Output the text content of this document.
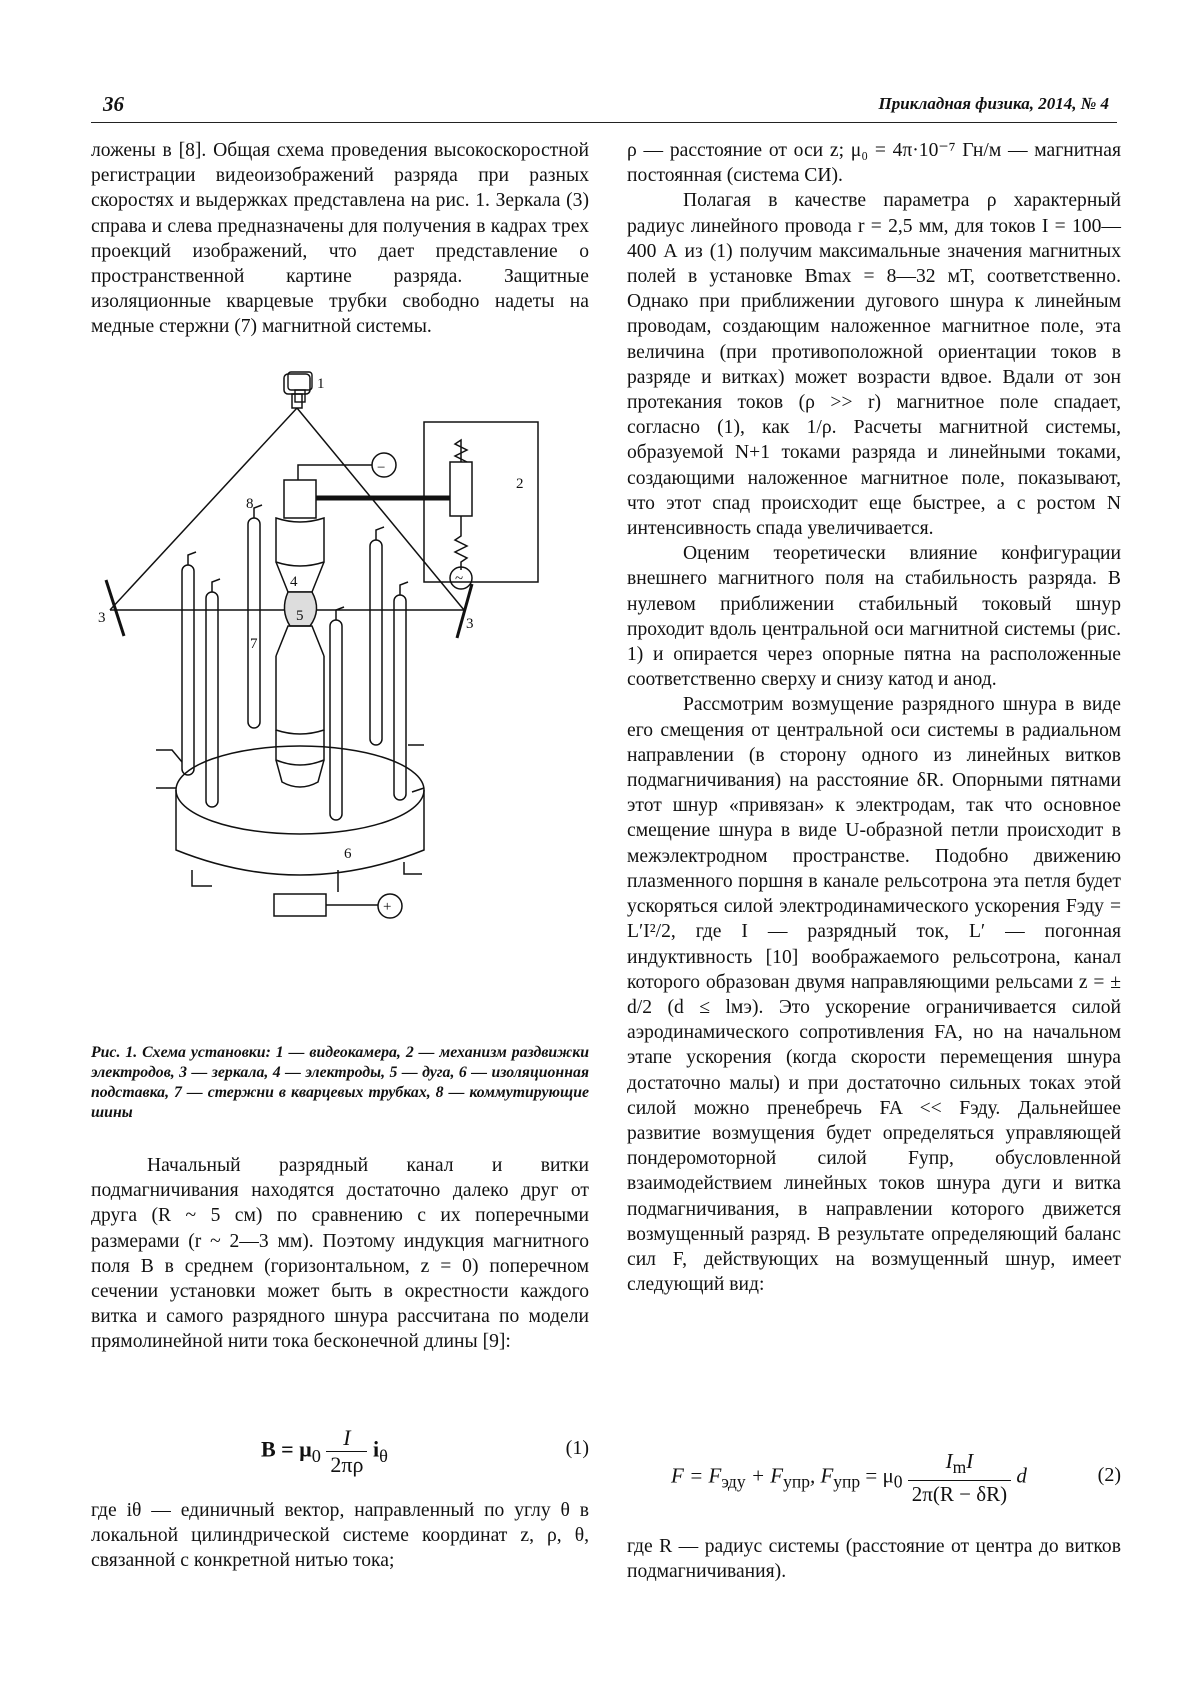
36	Прикладная физика, 2014, № 4

ложены в [8]. Общая схема проведения высокоскоростной регистрации видеоизображений разряда при разных скоростях и выдержках представлена на рис. 1. Зеркала (3) справа и слева предназначены для получения в кадрах трех проекций изображений, что дает представление о пространственной картине разряда. Защитные изоляционные кварцевые трубки свободно надеты на медные стержни (7) магнитной системы.

1
2
3	3
4
5
6
7
8
−
+
~
Рис. 1. Схема установки: 1 — видеокамера, 2 — механизм раздвижки электродов, 3 — зеркала, 4 — электроды, 5 — дуга, 6 — изоляционная подставка, 7 — стержни в кварцевых трубках, 8 — коммутирующие шины

Начальный разрядный канал и витки подмагничивания находятся достаточно далеко друг от друга (R ~ 5 см) по сравнению с их поперечными размерами (r ~ 2—3 мм). Поэтому индукция магнитного поля B в среднем (горизонтальном, z = 0) поперечном сечении установки может быть в окрестности каждого витка и самого разрядного шнура рассчитана по модели прямолинейной нити тока бесконечной длины [9]:

$B = \mu_0 \frac{I}{2\pi\rho} i_\theta$	(1)

где iθ — единичный вектор, направленный по углу θ в локальной цилиндрической системе координат z, ρ, θ, связанной с конкретной нитью тока;

ρ — расстояние от оси z; μ₀ = 4π·10⁻⁷ Гн/м — магнитная постоянная (система СИ).

Полагая в качестве параметра ρ характерный радиус линейного провода r = 2,5 мм, для токов I = 100—400 А из (1) получим максимальные значения магнитных полей в установке Bmax = 8—32 мТ, соответственно. Однако при приближении дугового шнура к линейным проводам, создающим наложенное магнитное поле, эта величина (при противоположной ориентации токов в разряде и витках) может возрасти вдвое. Вдали от зон протекания токов (ρ >> r) магнитное поле спадает, согласно (1), как 1/ρ. Расчеты магнитной системы, образуемой N+1 токами разряда и линейными токами, создающими наложенное магнитное поле, показывают, что этот спад происходит еще быстрее, а с ростом N интенсивность спада увеличивается.

Оценим теоретически влияние конфигурации внешнего магнитного поля на стабильность разряда. В нулевом приближении стабильный токовый шнур проходит вдоль центральной оси магнитной системы (рис. 1) и опирается через опорные пятна на расположенные соответственно сверху и снизу катод и анод.

Рассмотрим возмущение разрядного шнура в виде его смещения от центральной оси системы в радиальном направлении (в сторону одного из линейных витков подмагничивания) на расстояние δR. Опорными пятнами этот шнур «привязан» к электродам, так что основное смещение шнура в виде U-образной петли происходит в межэлектродном пространстве. Подобно движению плазменного поршня в канале рельсотрона эта петля будет ускоряться силой электродинамического ускорения Fэду = L′I²/2, где I — разрядный ток, L′ — погонная индуктивность [10] воображаемого рельсотрона, канал которого образован двумя направляющими рельсами z = ± d/2 (d ≤ lмэ). Это ускорение ограничивается силой аэродинамического сопротивления FA, но на начальном этапе ускорения (когда скорости перемещения шнура достаточно малы) и при достаточно сильных токах этой силой можно пренебречь FA << Fэду. Дальнейшее развитие возмущения будет определяться управляющей пондеромоторной силой Fупр, обусловленной взаимодействием линейных токов шнура дуги и витка подмагничивания, в направлении которого движется возмущенный разряд. В результате определяющий баланс сил F, действующих на возмущенный шнур, имеет следующий вид:

$F = F_{эду} + F_{упр}$, $F_{упр} = \mu_0 \frac{I_mI}{2\pi(R - \delta R)}$ d	(2)

где R — радиус системы (расстояние от центра до витков подмагничивания).
